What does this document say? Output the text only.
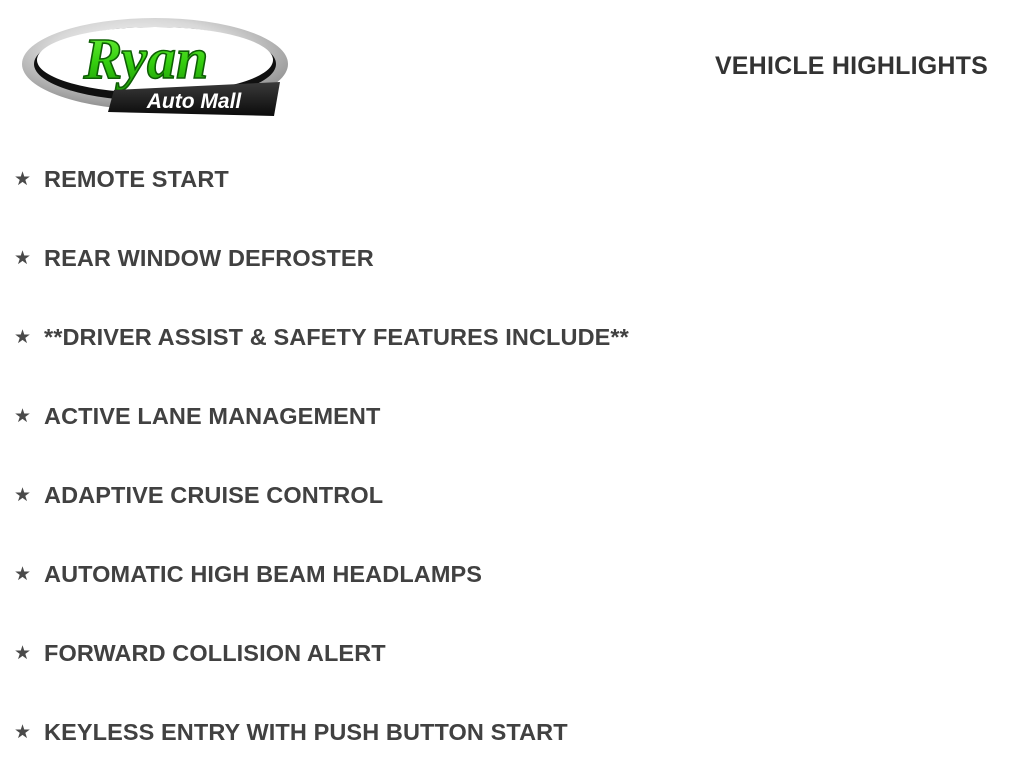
Ryan
Auto Mall
VEHICLE HIGHLIGHTS
★ REMOTE START
★ REAR WINDOW DEFROSTER
★ **DRIVER ASSIST & SAFETY FEATURES INCLUDE**
★ ACTIVE LANE MANAGEMENT
★ ADAPTIVE CRUISE CONTROL
★ AUTOMATIC HIGH BEAM HEADLAMPS
★ FORWARD COLLISION ALERT
★ KEYLESS ENTRY WITH PUSH BUTTON START
